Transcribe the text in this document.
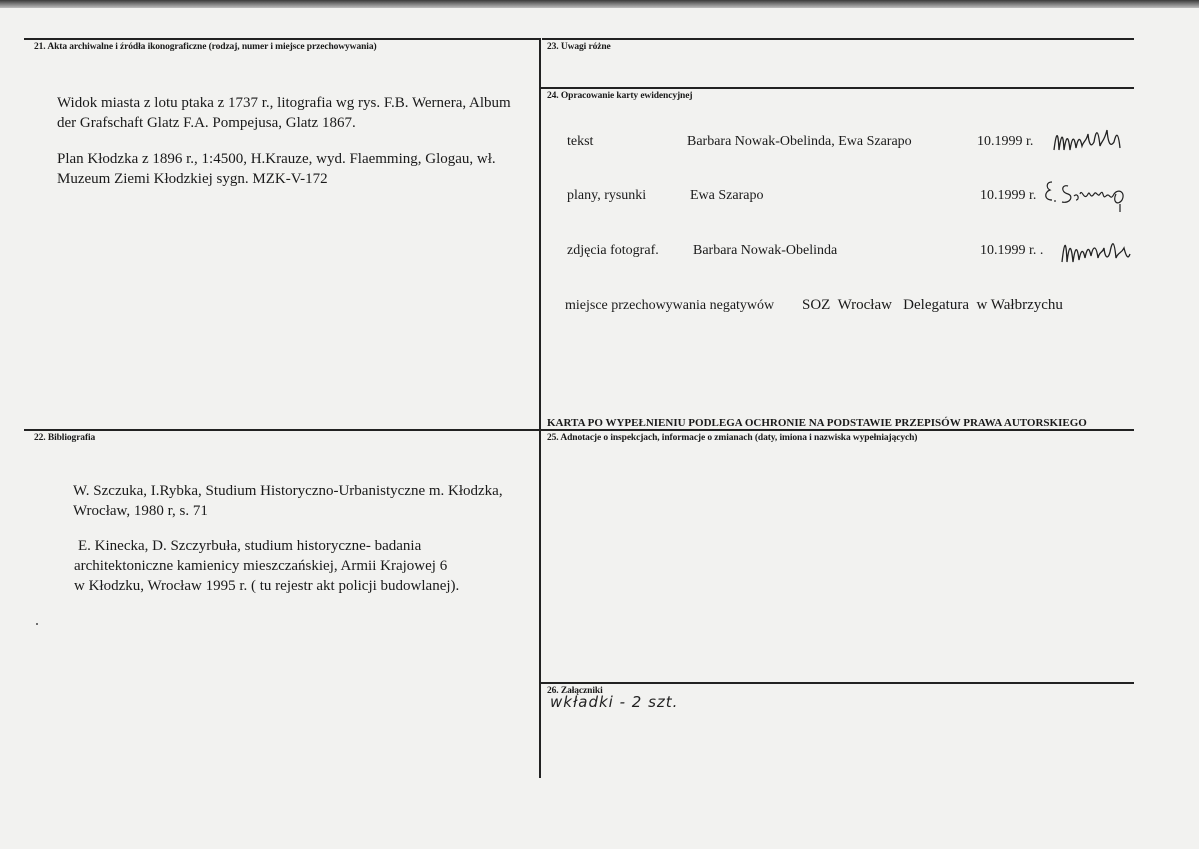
21. Akta archiwalne i źródła ikonograficzne (rodzaj, numer i miejsce przechowywania)

Widok miasta z lotu ptaka z 1737 r., litografia wg rys. F.B. Wernera, Album

der Grafschaft Glatz F.A. Pompejusa, Glatz 1867.

Plan Kłodzka z 1896 r., 1:4500, H.Krauze, wyd. Flaemming, Glogau, wł.

Muzeum Ziemi Kłodzkiej sygn. MZK-V-172

22. Bibliografia

W. Szczuka, I.Rybka, Studium Historyczno-Urbanistyczne m. Kłodzka,

Wrocław, 1980 r, s. 71

E. Kinecka, D. Szczyrbuła, studium historyczne- badania

architektoniczne kamienicy mieszczańskiej, Armii Krajowej 6

w Kłodzku, Wrocław 1995 r. ( tu rejestr akt policji budowlanej).

23. Uwagi różne
24. Opracowanie karty ewidencyjnej
tekst	Barbara Nowak-Obelinda, Ewa Szarapo	10.1999 r.
plany, rysunki	Ewa Szarapo	10.1999 r.
zdjęcia fotograf. Barbara Nowak-Obelinda	10.1999 r. .
miejsce przechowywania negatywów SOZ  Wrocław   Delegatura  w Wałbrzychu
KARTA PO WYPEŁNIENIU PODLEGA OCHRONIE NA PODSTAWIE PRZEPISÓW PRAWA AUTORSKIEGO
25. Adnotacje o inspekcjach, informacje o zmianach (daty, imiona i nazwiska wypełniających)
26. Załączniki
wkładki - 2 szt.
